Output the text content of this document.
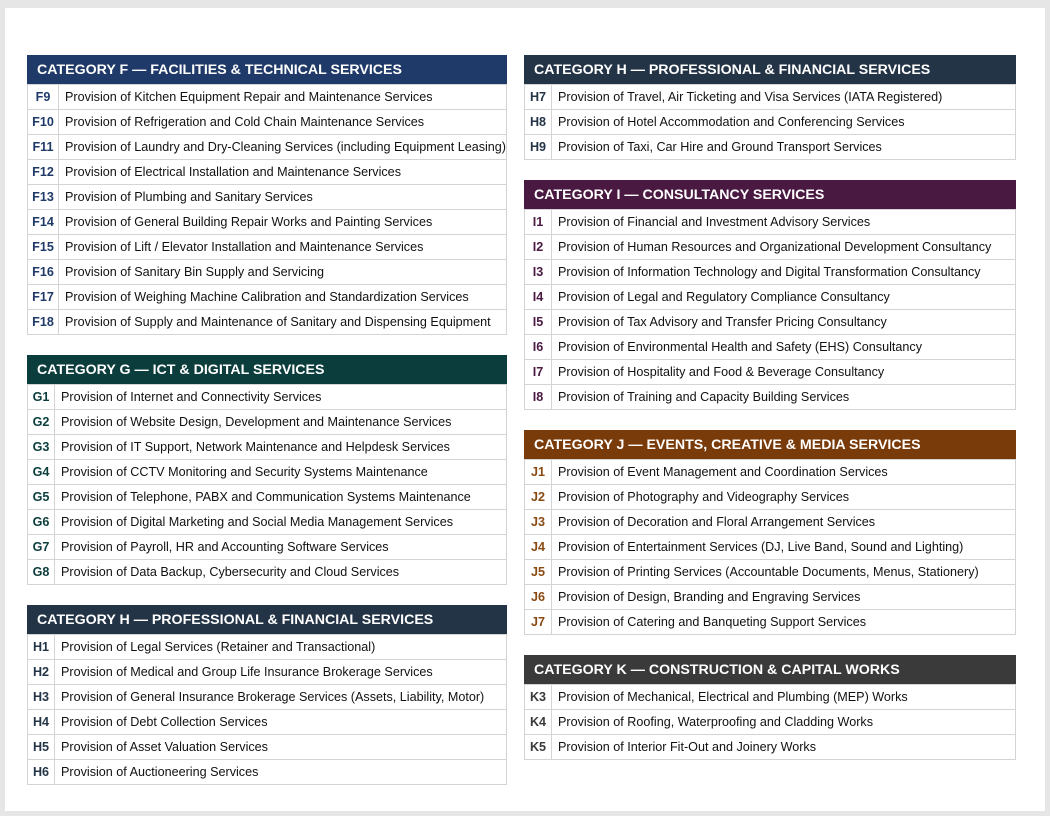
CATEGORY F — FACILITIES & TECHNICAL SERVICES
F9	Provision of Kitchen Equipment Repair and Maintenance Services
F10	Provision of Refrigeration and Cold Chain Maintenance Services
F11	Provision of Laundry and Dry-Cleaning Services (including Equipment Leasing)
F12	Provision of Electrical Installation and Maintenance Services
F13	Provision of Plumbing and Sanitary Services
F14	Provision of General Building Repair Works and Painting Services
F15	Provision of Lift / Elevator Installation and Maintenance Services
F16	Provision of Sanitary Bin Supply and Servicing
F17	Provision of Weighing Machine Calibration and Standardization Services
F18	Provision of Supply and Maintenance of Sanitary and Dispensing Equipment
CATEGORY G — ICT & DIGITAL SERVICES
G1	Provision of Internet and Connectivity Services
G2	Provision of Website Design, Development and Maintenance Services
G3	Provision of IT Support, Network Maintenance and Helpdesk Services
G4	Provision of CCTV Monitoring and Security Systems Maintenance
G5	Provision of Telephone, PABX and Communication Systems Maintenance
G6	Provision of Digital Marketing and Social Media Management Services
G7	Provision of Payroll, HR and Accounting Software Services
G8	Provision of Data Backup, Cybersecurity and Cloud Services
CATEGORY H — PROFESSIONAL & FINANCIAL SERVICES
H1	Provision of Legal Services (Retainer and Transactional)
H2	Provision of Medical and Group Life Insurance Brokerage Services
H3	Provision of General Insurance Brokerage Services (Assets, Liability, Motor)
H4	Provision of Debt Collection Services
H5	Provision of Asset Valuation Services
H6	Provision of Auctioneering Services
CATEGORY H — PROFESSIONAL & FINANCIAL SERVICES
H7	Provision of Travel, Air Ticketing and Visa Services (IATA Registered)
H8	Provision of Hotel Accommodation and Conferencing Services
H9	Provision of Taxi, Car Hire and Ground Transport Services
CATEGORY I — CONSULTANCY SERVICES
I1	Provision of Financial and Investment Advisory Services
I2	Provision of Human Resources and Organizational Development Consultancy
I3	Provision of Information Technology and Digital Transformation Consultancy
I4	Provision of Legal and Regulatory Compliance Consultancy
I5	Provision of Tax Advisory and Transfer Pricing Consultancy
I6	Provision of Environmental Health and Safety (EHS) Consultancy
I7	Provision of Hospitality and Food & Beverage Consultancy
I8	Provision of Training and Capacity Building Services
CATEGORY J — EVENTS, CREATIVE & MEDIA SERVICES
J1	Provision of Event Management and Coordination Services
J2	Provision of Photography and Videography Services
J3	Provision of Decoration and Floral Arrangement Services
J4	Provision of Entertainment Services (DJ, Live Band, Sound and Lighting)
J5	Provision of Printing Services (Accountable Documents, Menus, Stationery)
J6	Provision of Design, Branding and Engraving Services
J7	Provision of Catering and Banqueting Support Services
CATEGORY K — CONSTRUCTION & CAPITAL WORKS
K3	Provision of Mechanical, Electrical and Plumbing (MEP) Works
K4	Provision of Roofing, Waterproofing and Cladding Works
K5	Provision of Interior Fit-Out and Joinery Works
